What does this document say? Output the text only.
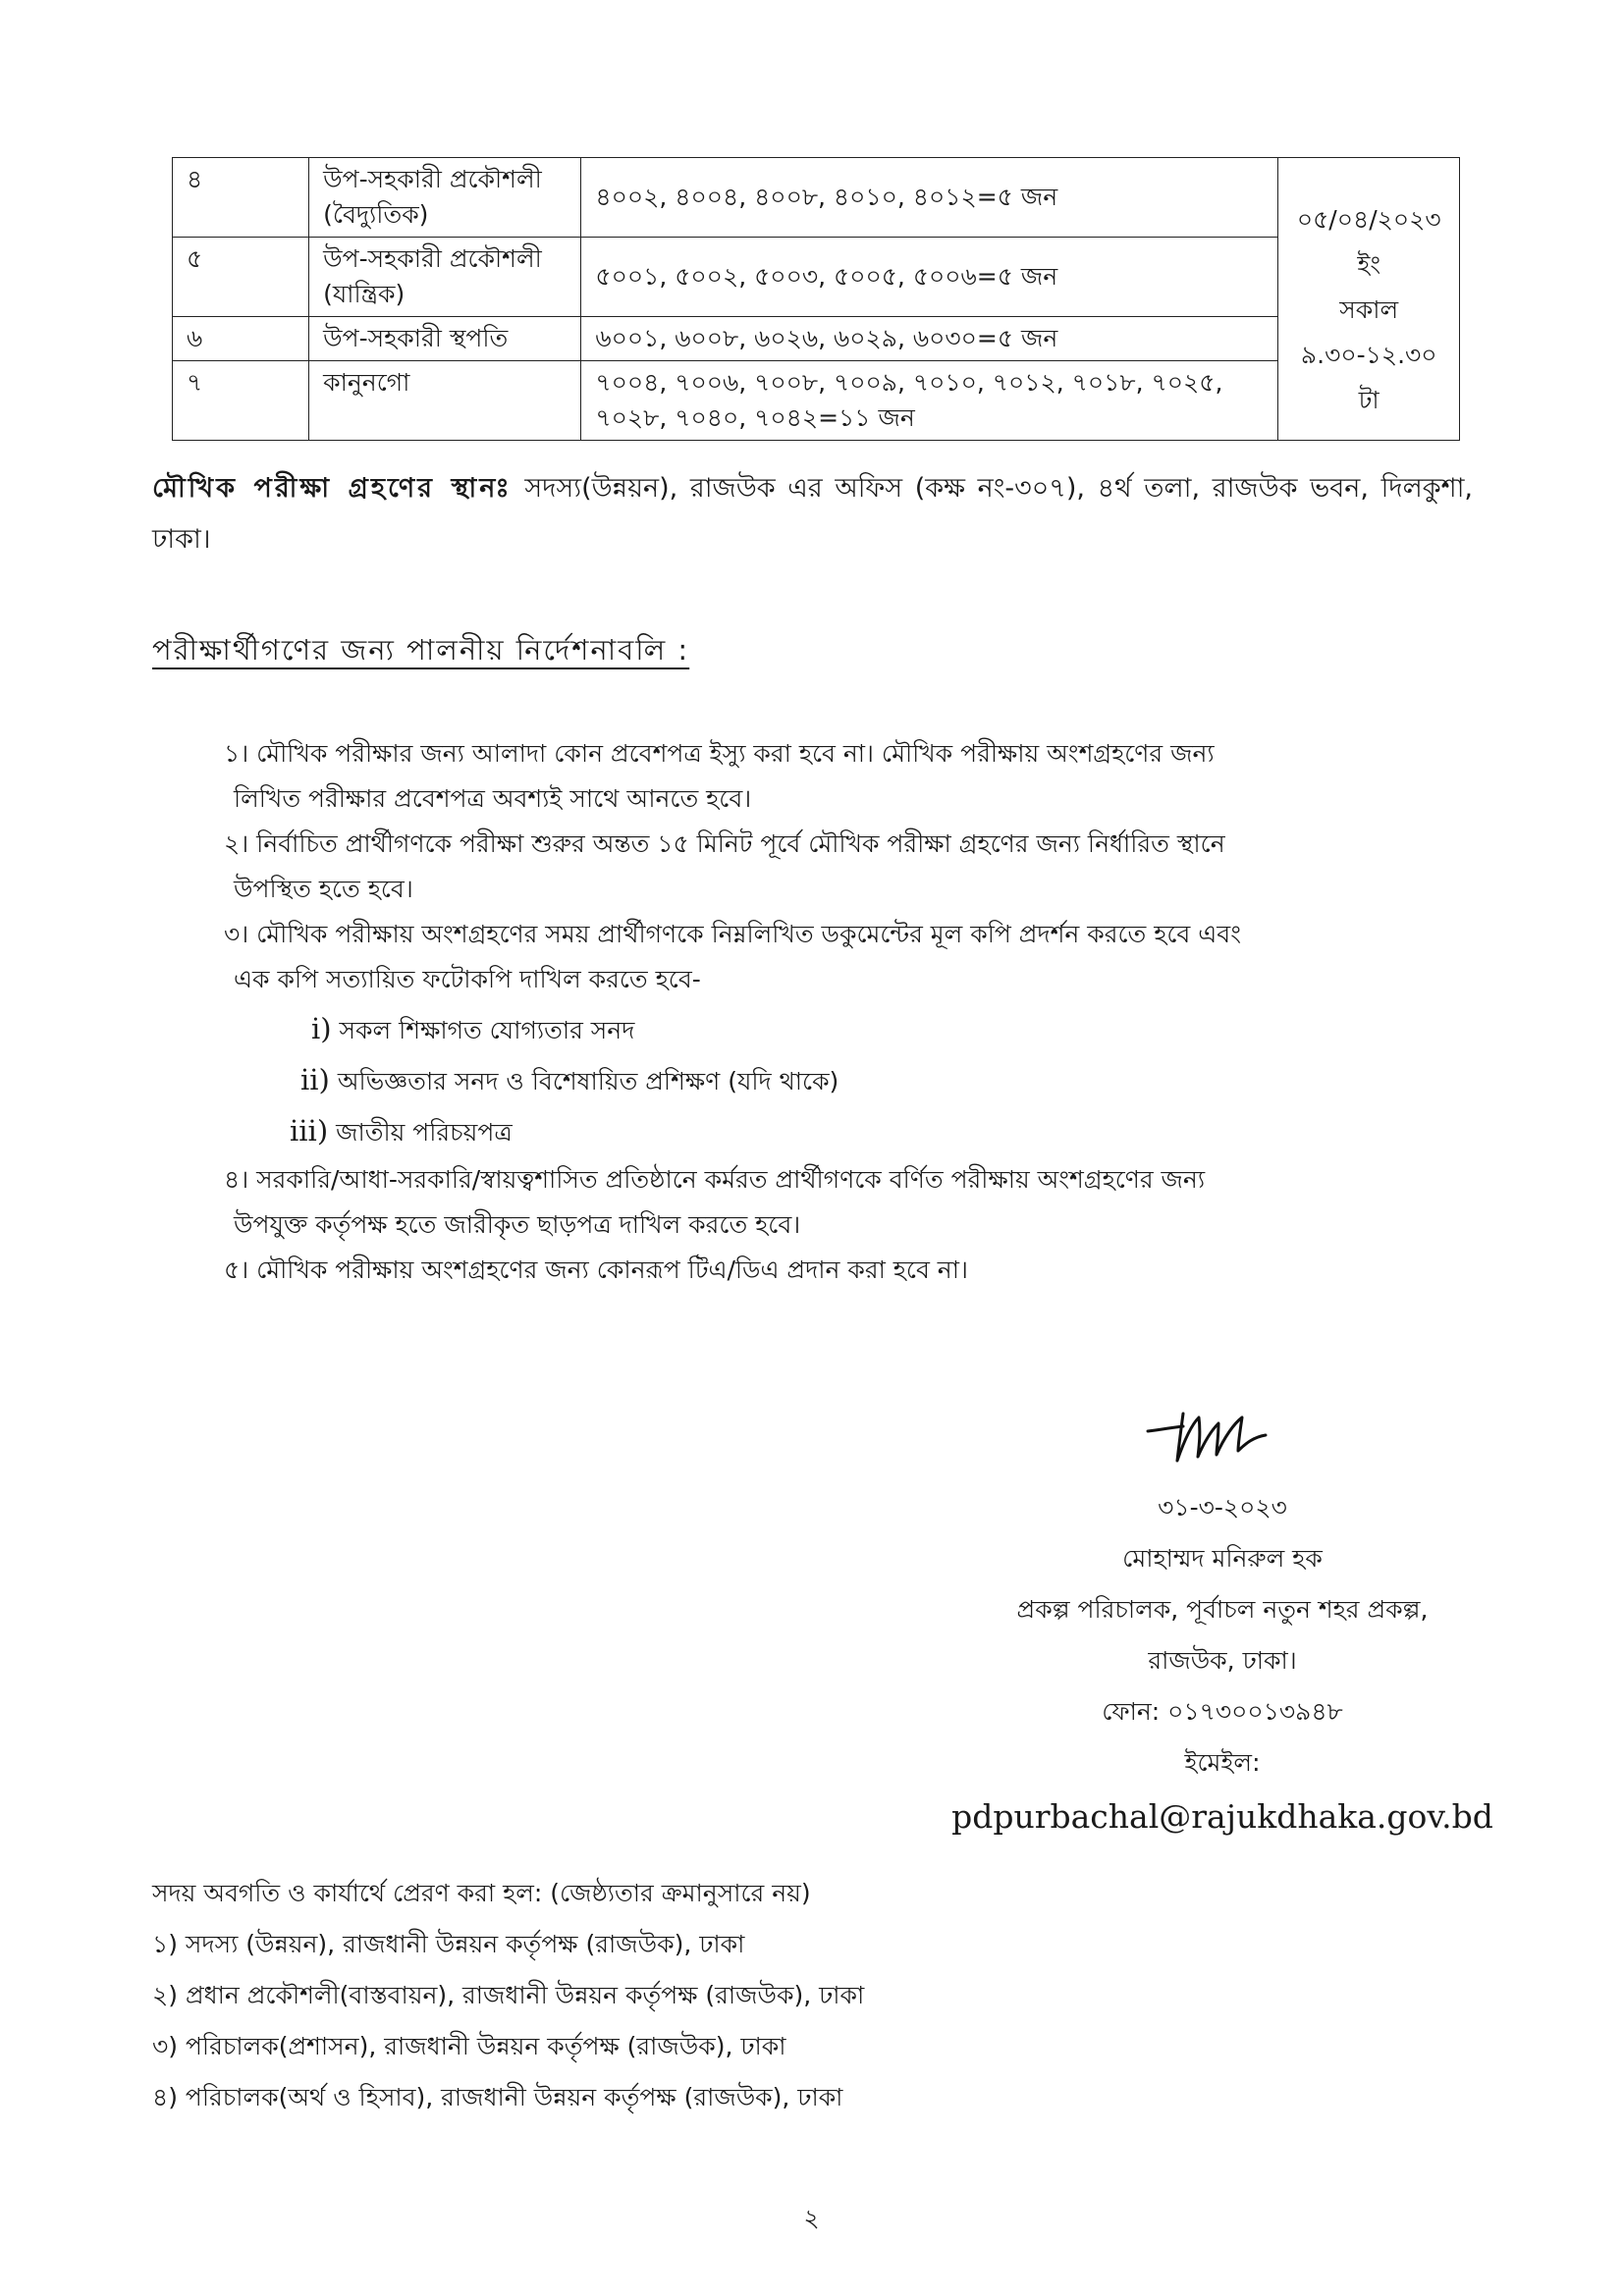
৪	উপ-সহকারী প্রকৌশলী (বৈদ্যুতিক)	৪০০২, ৪০০৪, ৪০০৮, ৪০১০, ৪০১২=৫ জন	০৫/০৪/২০২৩
ইং
সকাল
৯.৩০-১২.৩০
টা

৫	উপ-সহকারী প্রকৌশলী (যান্ত্রিক)	৫০০১, ৫০০২, ৫০০৩, ৫০০৫, ৫০০৬=৫ জন	
৬	উপ-সহকারী স্থপতি	৬০০১, ৬০০৮, ৬০২৬, ৬০২৯, ৬০৩০=৫ জন	
৭	কানুনগো	৭০০৪, ৭০০৬, ৭০০৮, ৭০০৯, ৭০১০, ৭০১২, ৭০১৮, ৭০২৫, ৭০২৮, ৭০৪০, ৭০৪২=১১ জন	
মৌখিক পরীক্ষা গ্রহণের স্থানঃ সদস্য(উন্নয়ন), রাজউক এর অফিস (কক্ষ নং-৩০৭), ৪র্থ তলা, রাজউক ভবন, দিলকুশা, ঢাকা।
পরীক্ষার্থীগণের জন্য পালনীয় নির্দেশনাবলি :
১। মৌখিক পরীক্ষার জন্য আলাদা কোন প্রবেশপত্র ইস্যু করা হবে না। মৌখিক পরীক্ষায় অংশগ্রহণের জন্য
লিখিত পরীক্ষার প্রবেশপত্র অবশ্যই সাথে আনতে হবে।
২। নির্বাচিত প্রার্থীগণকে পরীক্ষা শুরুর অন্তত ১৫ মিনিট পূর্বে মৌখিক পরীক্ষা গ্রহণের জন্য নির্ধারিত স্থানে
উপস্থিত হতে হবে।
৩। মৌখিক পরীক্ষায় অংশগ্রহণের সময় প্রার্থীগণকে নিম্নলিখিত ডকুমেন্টের মূল কপি প্রদর্শন করতে হবে এবং
এক কপি সত্যায়িত ফটোকপি দাখিল করতে হবে-
i) সকল শিক্ষাগত যোগ্যতার সনদ
ii) অভিজ্ঞতার সনদ ও বিশেষায়িত প্রশিক্ষণ (যদি থাকে)
iii) জাতীয় পরিচয়পত্র
৪। সরকারি/আধা-সরকারি/স্বায়ত্বশাসিত প্রতিষ্ঠানে কর্মরত প্রার্থীগণকে বর্ণিত পরীক্ষায় অংশগ্রহণের জন্য
উপযুক্ত কর্তৃপক্ষ হতে জারীকৃত ছাড়পত্র দাখিল করতে হবে।
৫। মৌখিক পরীক্ষায় অংশগ্রহণের জন্য কোনরূপ টিএ/ডিএ প্রদান করা হবে না।
৩১-৩-২০২৩
মোহাম্মদ মনিরুল হক
প্রকল্প পরিচালক, পূর্বাচল নতুন শহর প্রকল্প,
রাজউক, ঢাকা।
ফোন: ০১৭৩০০১৩৯৪৮
ইমেইল:
pdpurbachal@rajukdhaka.gov.bd
সদয় অবগতি ও কার্যার্থে প্রেরণ করা হল: (জেষ্ঠ্যতার ক্রমানুসারে নয়)
১) সদস্য (উন্নয়ন), রাজধানী উন্নয়ন কর্তৃপক্ষ (রাজউক), ঢাকা
২) প্রধান প্রকৌশলী(বাস্তবায়ন), রাজধানী উন্নয়ন কর্তৃপক্ষ (রাজউক), ঢাকা
৩) পরিচালক(প্রশাসন), রাজধানী উন্নয়ন কর্তৃপক্ষ (রাজউক), ঢাকা
৪) পরিচালক(অর্থ ও হিসাব), রাজধানী উন্নয়ন কর্তৃপক্ষ (রাজউক), ঢাকা
২
